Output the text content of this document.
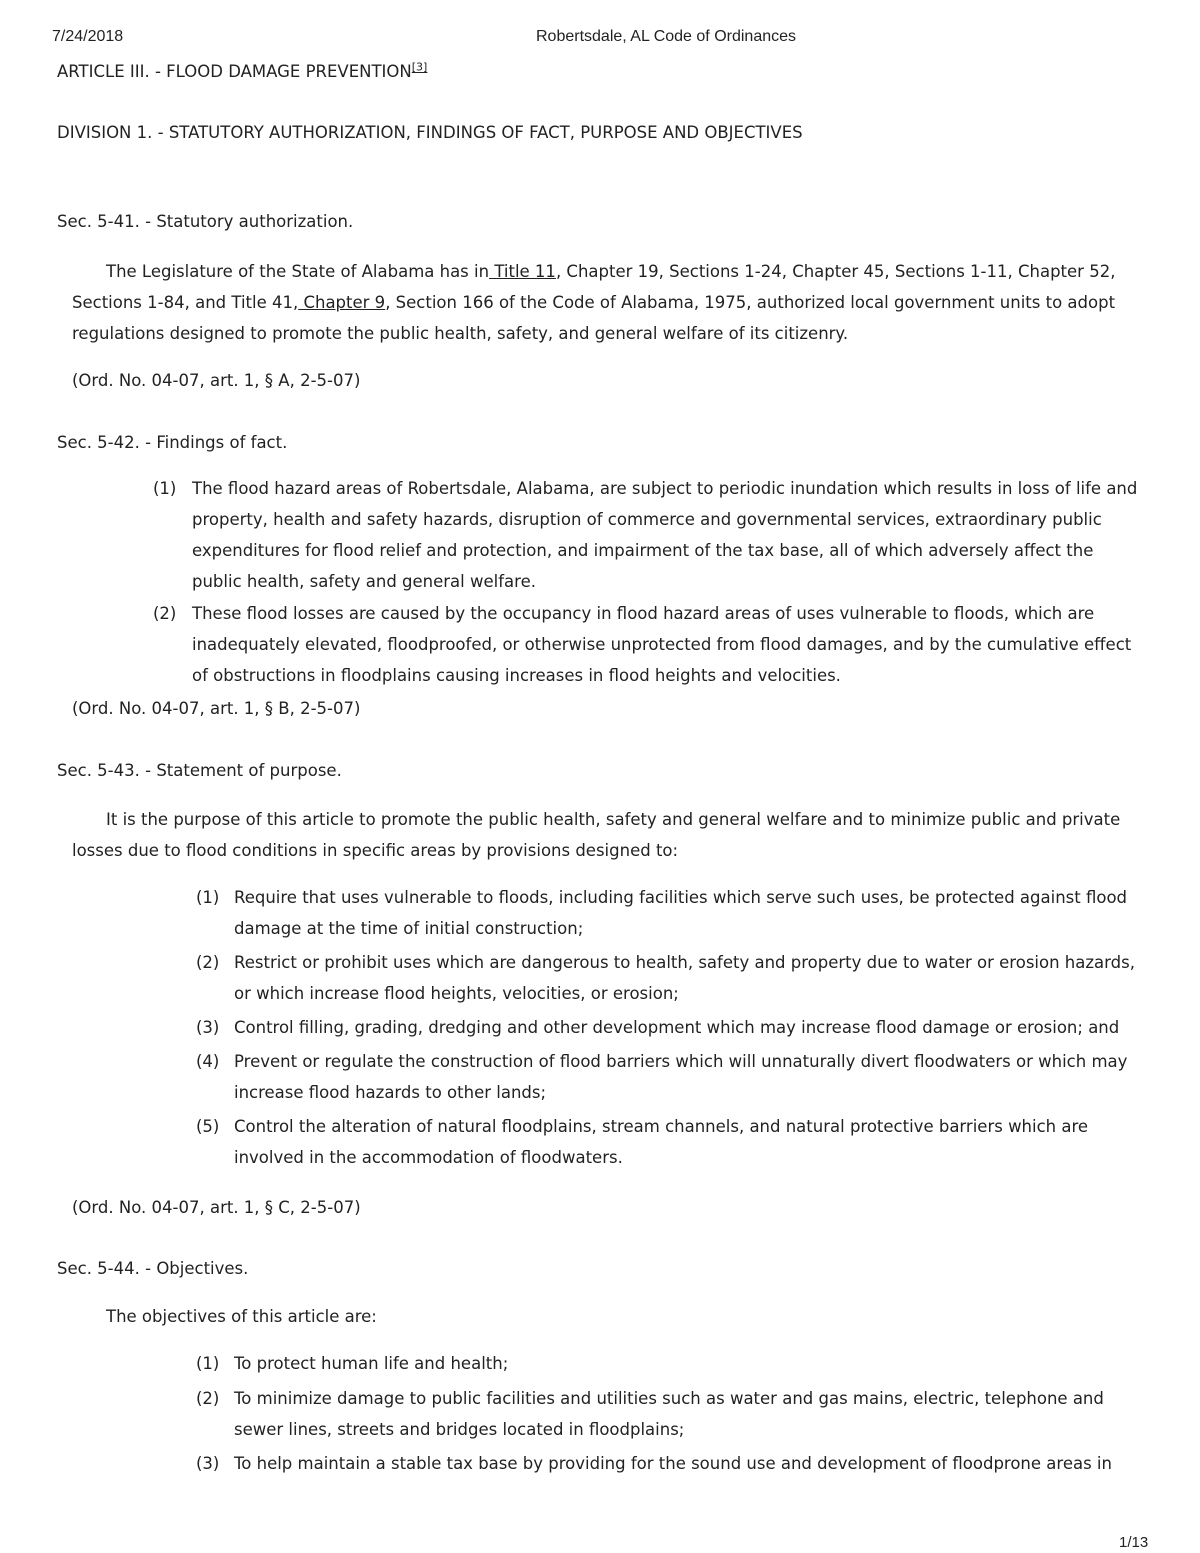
7/24/2018	Robertsdale, AL Code of Ordinances
ARTICLE III. - FLOOD DAMAGE PREVENTION[3]
DIVISION 1. - STATUTORY AUTHORIZATION, FINDINGS OF FACT, PURPOSE AND OBJECTIVES
Sec. 5-41. - Statutory authorization.
The Legislature of the State of Alabama has in Title 11, Chapter 19, Sections 1-24, Chapter 45, Sections 1-11, Chapter 52, Sections 1-84, and Title 41, Chapter 9, Section 166 of the Code of Alabama, 1975, authorized local government units to adopt regulations designed to promote the public health, safety, and general welfare of its citizenry.
(Ord. No. 04-07, art. 1, § A, 2-5-07)
Sec. 5-42. - Findings of fact.
(1) The flood hazard areas of Robertsdale, Alabama, are subject to periodic inundation which results in loss of life and property, health and safety hazards, disruption of commerce and governmental services, extraordinary public expenditures for flood relief and protection, and impairment of the tax base, all of which adversely affect the public health, safety and general welfare.
(2) These flood losses are caused by the occupancy in flood hazard areas of uses vulnerable to floods, which are inadequately elevated, floodproofed, or otherwise unprotected from flood damages, and by the cumulative effect of obstructions in floodplains causing increases in flood heights and velocities.
(Ord. No. 04-07, art. 1, § B, 2-5-07)
Sec. 5-43. - Statement of purpose.
It is the purpose of this article to promote the public health, safety and general welfare and to minimize public and private losses due to flood conditions in specific areas by provisions designed to:
(1) Require that uses vulnerable to floods, including facilities which serve such uses, be protected against flood damage at the time of initial construction;
(2) Restrict or prohibit uses which are dangerous to health, safety and property due to water or erosion hazards, or which increase flood heights, velocities, or erosion;
(3) Control filling, grading, dredging and other development which may increase flood damage or erosion; and
(4) Prevent or regulate the construction of flood barriers which will unnaturally divert floodwaters or which may increase flood hazards to other lands;
(5) Control the alteration of natural floodplains, stream channels, and natural protective barriers which are involved in the accommodation of floodwaters.
(Ord. No. 04-07, art. 1, § C, 2-5-07)
Sec. 5-44. - Objectives.
The objectives of this article are:
(1) To protect human life and health;
(2) To minimize damage to public facilities and utilities such as water and gas mains, electric, telephone and sewer lines, streets and bridges located in floodplains;
(3) To help maintain a stable tax base by providing for the sound use and development of floodprone areas in
1/13
